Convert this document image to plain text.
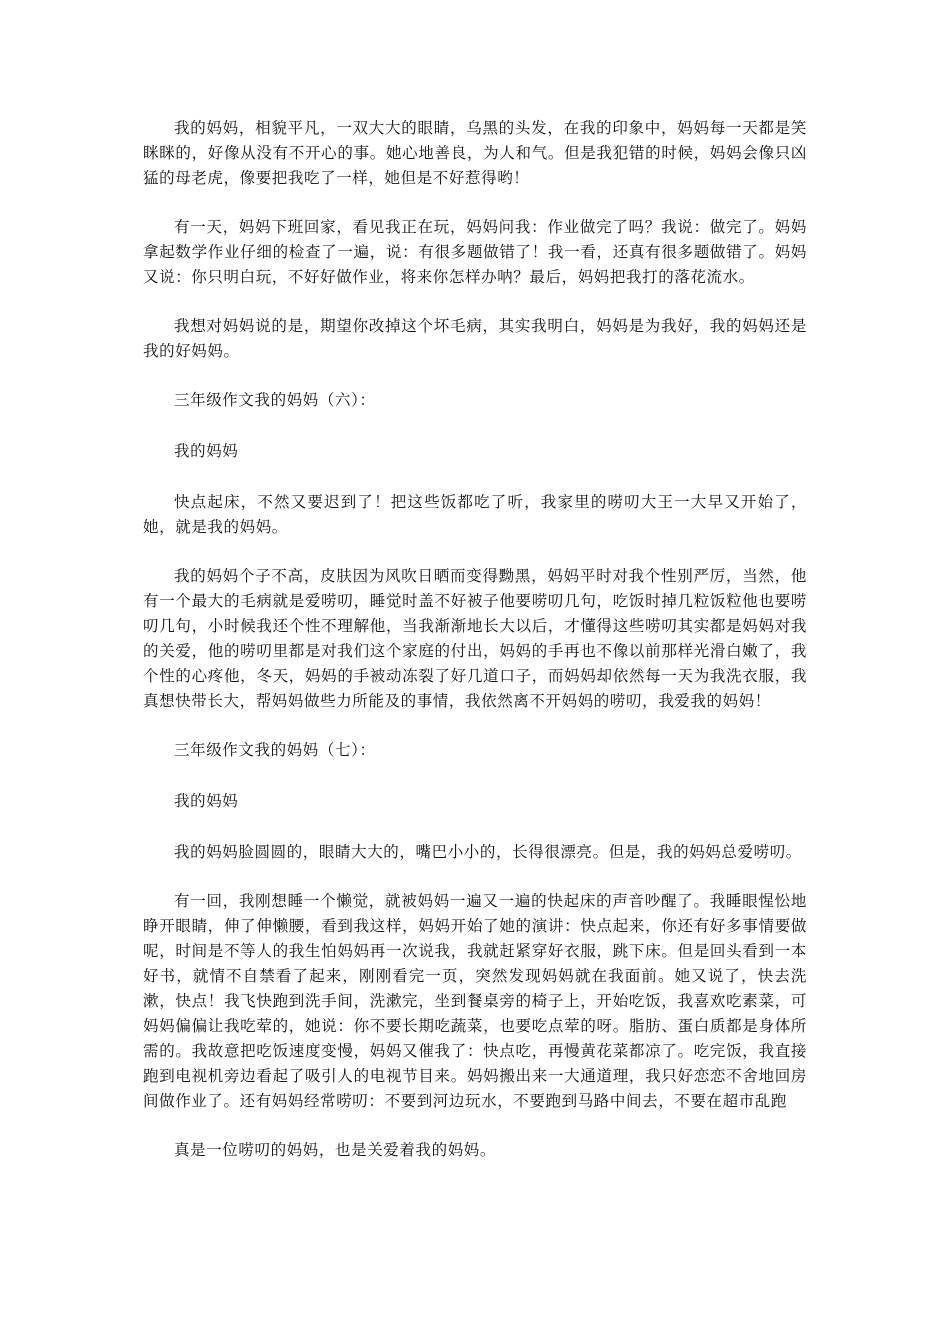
我的妈妈，相貌平凡，一双大大的眼睛，乌黑的头发，在我的印象中，妈妈每一天都是笑眯眯的，好像从没有不开心的事。她心地善良，为人和气。但是我犯错的时候，妈妈会像只凶猛的母老虎，像要把我吃了一样，她但是不好惹得哟！

有一天，妈妈下班回家，看见我正在玩，妈妈问我：作业做完了吗？我说：做完了。妈妈拿起数学作业仔细的检查了一遍，说：有很多题做错了！我一看，还真有很多题做错了。妈妈又说：你只明白玩，不好好做作业，将来你怎样办呐？最后，妈妈把我打的落花流水。

我想对妈妈说的是，期望你改掉这个坏毛病，其实我明白，妈妈是为我好，我的妈妈还是我的好妈妈。

三年级作文我的妈妈（六）：

我的妈妈

快点起床，不然又要迟到了！把这些饭都吃了听，我家里的唠叨大王一大早又开始了，她，就是我的妈妈。

我的妈妈个子不高，皮肤因为风吹日晒而变得黝黑，妈妈平时对我个性别严厉，当然，他有一个最大的毛病就是爱唠叨，睡觉时盖不好被子他要唠叨几句，吃饭时掉几粒饭粒他也要唠叨几句，小时候我还个性不理解他，当我渐渐地长大以后，才懂得这些唠叨其实都是妈妈对我的关爱，他的唠叨里都是对我们这个家庭的付出，妈妈的手再也不像以前那样光滑白嫩了，我个性的心疼他，冬天，妈妈的手被动冻裂了好几道口子，而妈妈却依然每一天为我洗衣服，我真想快带长大，帮妈妈做些力所能及的事情，我依然离不开妈妈的唠叨，我爱我的妈妈！

三年级作文我的妈妈（七）：

我的妈妈

我的妈妈脸圆圆的，眼睛大大的，嘴巴小小的，长得很漂亮。但是，我的妈妈总爱唠叨。

有一回，我刚想睡一个懒觉，就被妈妈一遍又一遍的快起床的声音吵醒了。我睡眼惺忪地睁开眼睛，伸了伸懒腰，看到我这样，妈妈开始了她的演讲：快点起来，你还有好多事情要做呢，时间是不等人的我生怕妈妈再一次说我，我就赶紧穿好衣服，跳下床。但是回头看到一本好书，就情不自禁看了起来，刚刚看完一页，突然发现妈妈就在我面前。她又说了，快去洗漱，快点！我飞快跑到洗手间，洗漱完，坐到餐桌旁的椅子上，开始吃饭，我喜欢吃素菜，可妈妈偏偏让我吃荤的，她说：你不要长期吃蔬菜，也要吃点荤的呀。脂肪、蛋白质都是身体所需的。我故意把吃饭速度变慢，妈妈又催我了：快点吃，再慢黄花菜都凉了。吃完饭，我直接跑到电视机旁边看起了吸引人的电视节目来。妈妈搬出来一大通道理，我只好恋恋不舍地回房间做作业了。还有妈妈经常唠叨：不要到河边玩水，不要跑到马路中间去，不要在超市乱跑

真是一位唠叨的妈妈，也是关爱着我的妈妈。
